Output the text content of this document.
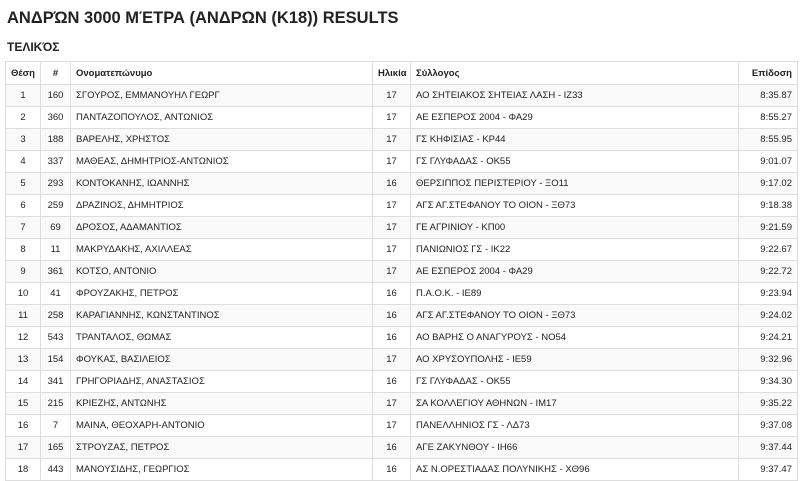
ΑΝΔΡΏΝ 3000 ΜΈΤΡΑ (ΑΝΔΡΩΝ (Κ18)) RESULTS
ΤΕΛΙΚΌΣ
Θέση	#	Ονοματεπώνυμο	Ηλικία	Σύλλογος	Επίδοση
1	160	ΣΓΟΥΡΟΣ, ΕΜΜΑΝΟΥΗΛ ΓΕΩΡΓ	17	ΑΟ ΣΗΤΕΙΑΚΟΣ ΣΗΤΕΙΑΣ ΛΑΣΗ - ΙΖ33	8:35.87
2	360	ΠΑΝΤΑΖΟΠΟΥΛΟΣ, ΑΝΤΩΝΙΟΣ	17	ΑΕ ΕΣΠΕΡΟΣ 2004 - ΦΑ29	8:55.27
3	188	ΒΑΡΕΛΗΣ, ΧΡΗΣΤΟΣ	17	ΓΣ ΚΗΦΙΣΙΑΣ - ΚΡ44	8:55.95
4	337	ΜΑΘΕΑΣ, ΔΗΜΗΤΡΙΟΣ-ΑΝΤΩΝΙΟΣ	17	ΓΣ ΓΛΥΦΑΔΑΣ - ΟΚ55	9:01.07
5	293	ΚΟΝΤΟΚΑΝΗΣ, ΙΩΑΝΝΗΣ	16	ΘΕΡΣΙΠΠΟΣ ΠΕΡΙΣΤΕΡΙΟΥ - ΞΟ11	9:17.02
6	259	ΔΡΑΖΙΝΟΣ, ΔΗΜΗΤΡΙΟΣ	17	ΑΓΣ ΑΓ.ΣΤΕΦΑΝΟΥ ΤΟ ΟΙΟΝ - ΞΘ73	9:18.38
7	69	ΔΡΟΣΟΣ, ΑΔΑΜΑΝΤΙΟΣ	17	ΓΕ ΑΓΡΙΝΙΟΥ - ΚΠ00	9:21.59
8	11	ΜΑΚΡΥΔΑΚΗΣ, ΑΧΙΛΛΕΑΣ	17	ΠΑΝΙΩΝΙΟΣ ΓΣ - ΙΚ22	9:22.67
9	361	ΚΟΤΣΟ, ΑΝΤΟΝΙΟ	17	ΑΕ ΕΣΠΕΡΟΣ 2004 - ΦΑ29	9:22.72
10	41	ΦΡΟΥΖΑΚΗΣ, ΠΕΤΡΟΣ	16	Π.Α.Ο.Κ. - ΙΕ89	9:23.94
11	258	ΚΑΡΑΓΙΑΝΝΗΣ, ΚΩΝΣΤΑΝΤΙΝΟΣ	16	ΑΓΣ ΑΓ.ΣΤΕΦΑΝΟΥ ΤΟ ΟΙΟΝ - ΞΘ73	9:24.02
12	543	ΤΡΑΝΤΑΛΟΣ, ΘΩΜΑΣ	16	ΑΟ ΒΑΡΗΣ Ο ΑΝΑΓΥΡΟΥΣ - ΝΟ54	9:24.21
13	154	ΦΟΥΚΑΣ, ΒΑΣΙΛΕΙΟΣ	17	ΑΟ ΧΡΥΣΟΥΠΟΛΗΣ - ΙΕ59	9:32.96
14	341	ΓΡΗΓΟΡΙΑΔΗΣ, ΑΝΑΣΤΑΣΙΟΣ	16	ΓΣ ΓΛΥΦΑΔΑΣ - ΟΚ55	9:34.30
15	215	ΚΡΙΕΖΗΣ, ΑΝΤΩΝΗΣ	17	ΣΑ ΚΟΛΛΕΓΙΟΥ ΑΘΗΝΩΝ - ΙΜ17	9:35.22
16	7	ΜΑΙΝΑ, ΘΕΟΧΑΡΗ-ΑΝΤΟΝΙΟ	17	ΠΑΝΕΛΛΗΝΙΟΣ ΓΣ - ΛΔ73	9:37.08
17	165	ΣΤΡΟΥΖΑΣ, ΠΕΤΡΟΣ	16	ΑΓΕ ΖΑΚΥΝΘΟΥ - ΙΗ66	9:37.44
18	443	ΜΑΝΟΥΣΙΔΗΣ, ΓΕΩΡΓΙΟΣ	16	ΑΣ Ν.ΟΡΕΣΤΙΑΔΑΣ ΠΟΛΥΝΙΚΗΣ - ΧΘ96	9:37.47
